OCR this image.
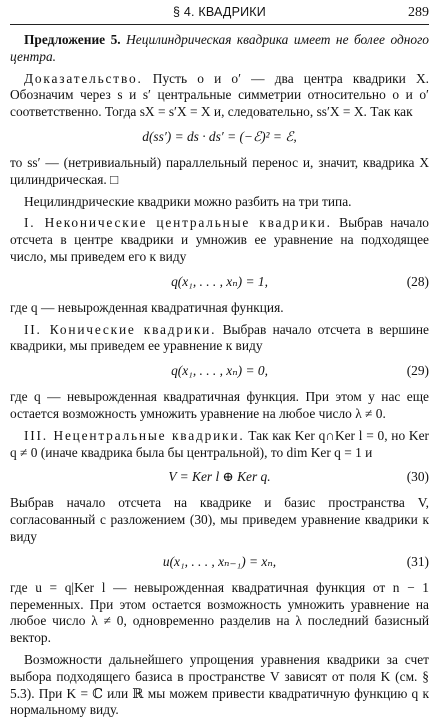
§ 4. КВАДРИКИ	289

Предложение 5. Нецилиндрическая квадрика имеет не более одного центра.

Доказательство. Пусть o и o′ — два центра квадрики X. Обозначим через s и s′ центральные симметрии относительно o и o′ соответственно. Тогда sX = s′X = X и, следовательно, ss′X = X. Так как

d(ss′) = ds · ds′ = (−ℰ)² = ℰ,

то ss′ — (нетривиальный) параллельный перенос и, значит, квадрика X цилиндрическая. □

Нецилиндрические квадрики можно разбить на три типа.

I. Неконические центральные квадрики. Выбрав начало отсчета в центре квадрики и умножив ее уравнение на подходящее число, мы приведем его к виду

q(x₁, . . . , xₙ) = 1,	(28)

где q — невырожденная квадратичная функция.

II. Конические квадрики. Выбрав начало отсчета в вершине квадрики, мы приведем ее уравнение к виду

q(x₁, . . . , xₙ) = 0,	(29)

где q — невырожденная квадратичная функция. При этом у нас еще остается возможность умножить уравнение на любое число λ ≠ 0.

III. Нецентральные квадрики. Так как Ker q∩Ker l = 0, но Ker q ≠ 0 (иначе квадрика была бы центральной), то dim Ker q = 1 и

V = Ker l ⊕ Ker q.	(30)

Выбрав начало отсчета на квадрике и базис пространства V, согласованный с разложением (30), мы приведем уравнение квадрики к виду

u(x₁, . . . , xₙ₋₁) = xₙ,	(31)

где u = q|Ker l — невырожденная квадратичная функция от n − 1 переменных. При этом остается возможность умножить уравнение на любое число λ ≠ 0, одновременно разделив на λ последний базисный вектор.

Возможности дальнейшего упрощения уравнения квадрики за счет выбора подходящего базиса в пространстве V зависят от поля K (см. § 5.3). При K = ℂ или ℝ мы можем привести квадратичную функцию q к нормальному виду.
